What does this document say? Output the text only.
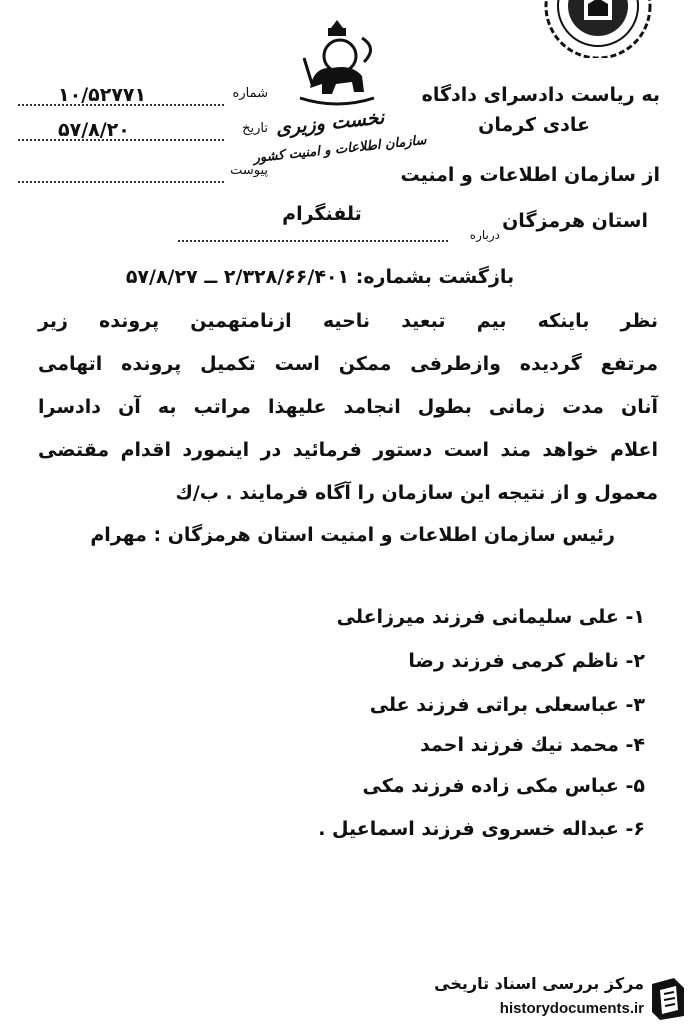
۱۰/۵۲۷۷۱	شماره
۵۷/۸/۲۰	تاریخ
پیوست
نخست وزیری
سازمان اطلاعات و امنیت کشور
تلفنگرام
درباره
به ریاست دادسرای دادگاه
عادی کرمان
از سازمان اطلاعات و امنیت
استان هرمزگان
بازگشت بشماره: ۲/۳۲۸/۶۶/۴۰۱ ــ ۵۷/۸/۲۷
نظر باینکه بیم تبعید ناحیه ازنامتهمین پرونده زیر
مرتفع گردیده وازطرفی ممکن است تکمیل پرونده اتهامی
آنان مدت زمانی بطول انجامد علیهذا مراتب به آن دادسرا
اعلام خواهد مند است دستور فرمائید در اینمورد اقدام مقتضی
معمول و از نتیجه این سازمان را آگاه فرمایند . ب/ك
رئیس سازمان اطلاعات و امنیت استان هرمزگان : مهرام
۱- علی سلیمانی فرزند میرزاعلی
۲- ناظم کرمی فرزند رضا
۳- عباسعلی براتی فرزند علی
۴- محمد نیك فرزند احمد
۵- عباس مکی زاده فرزند مکی
۶- عبداله خسروی فرزند اسماعیل .
مرکز بررسی اسناد تاریخی
historydocuments.ir
